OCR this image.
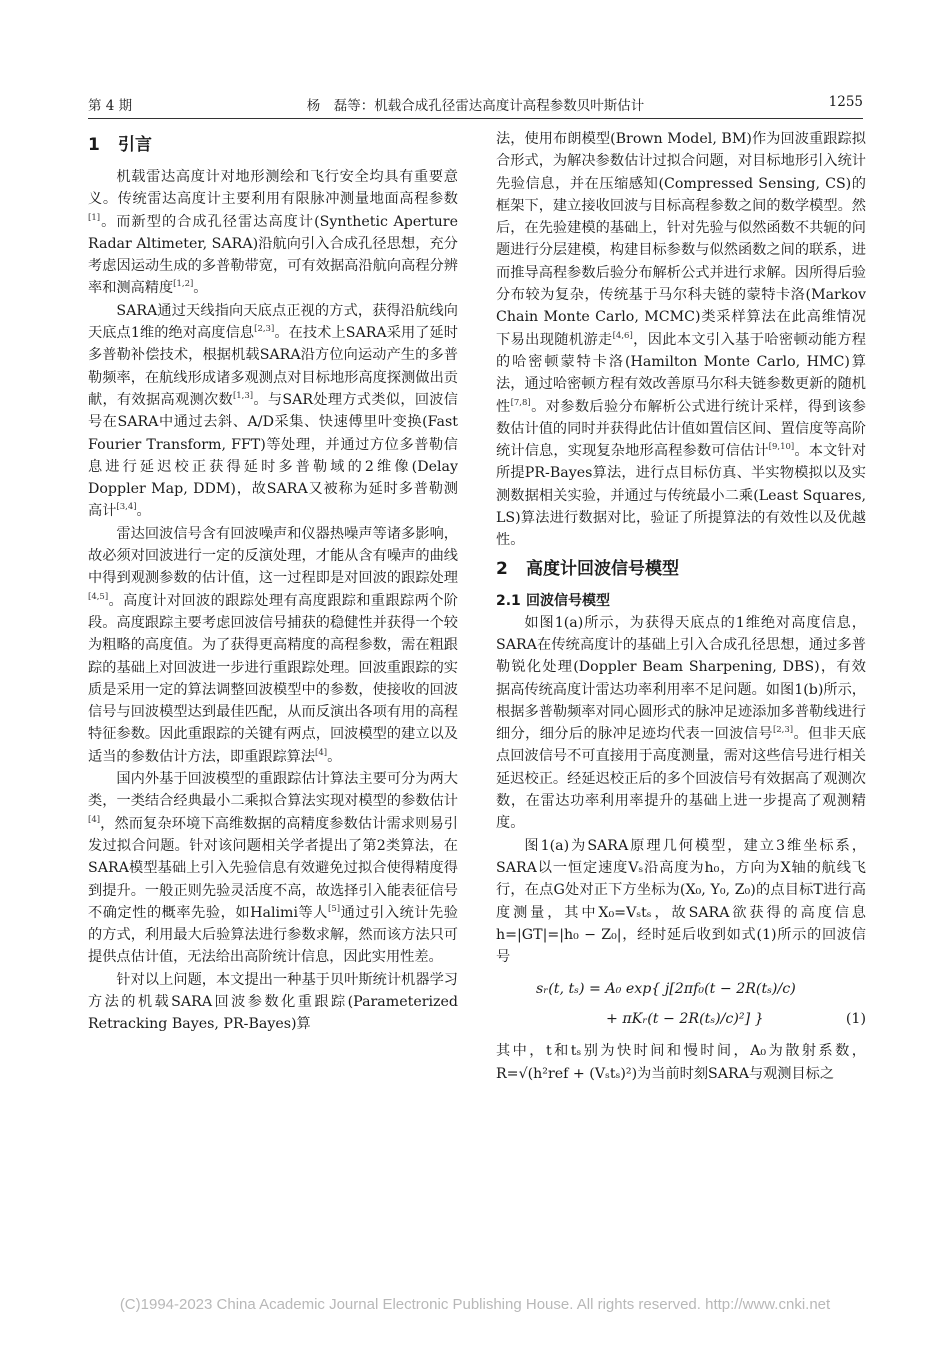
第 4 期	杨　磊等：机载合成孔径雷达高度计高程参数贝叶斯估计	1255
1 引言

机载雷达高度计对地形测绘和飞行安全均具有重要意义。传统雷达高度计主要利用有限脉冲测量地面高程参数[1]。而新型的合成孔径雷达高度计(Synthetic Aperture Radar Altimeter, SARA)沿航向引入合成孔径思想，充分考虑因运动生成的多普勒带宽，可有效据高沿航向高程分辨率和测高精度[1,2]。

SARA通过天线指向天底点正视的方式，获得沿航线向天底点1维的绝对高度信息[2,3]。在技术上SARA采用了延时多普勒补偿技术，根据机载SARA沿方位向运动产生的多普勒频率，在航线形成诸多观测点对目标地形高度探测做出贡献，有效据高观测次数[1,3]。与SAR处理方式类似，回波信号在SARA中通过去斜、A/D采集、快速傅里叶变换(Fast Fourier Transform, FFT)等处理，并通过方位多普勒信息进行延迟校正获得延时多普勒域的2维像(Delay Doppler Map, DDM)，故SARA又被称为延时多普勒测高计[3,4]。

雷达回波信号含有回波噪声和仪器热噪声等诸多影响，故必须对回波进行一定的反演处理，才能从含有噪声的曲线中得到观测参数的估计值，这一过程即是对回波的跟踪处理[4,5]。高度计对回波的跟踪处理有高度跟踪和重跟踪两个阶段。高度跟踪主要考虑回波信号捕获的稳健性并获得一个较为粗略的高度值。为了获得更高精度的高程参数，需在粗跟踪的基础上对回波进一步进行重跟踪处理。回波重跟踪的实质是采用一定的算法调整回波模型中的参数，使接收的回波信号与回波模型达到最佳匹配，从而反演出各项有用的高程特征参数。因此重跟踪的关键有两点，回波模型的建立以及适当的参数估计方法，即重跟踪算法[4]。

国内外基于回波模型的重跟踪估计算法主要可分为两大类，一类结合经典最小二乘拟合算法实现对模型的参数估计[4]，然而复杂环境下高维数据的高精度参数估计需求则易引发过拟合问题。针对该问题相关学者提出了第2类算法，在SARA模型基础上引入先验信息有效避免过拟合使得精度得到提升。一般正则先验灵活度不高，故选择引入能表征信号不确定性的概率先验，如Halimi等人[5]通过引入统计先验的方式，利用最大后验算法进行参数求解，然而该方法只可提供点估计值，无法给出高阶统计信息，因此实用性差。

针对以上问题，本文提出一种基于贝叶斯统计机器学习方法的机载SARA回波参数化重跟踪(Parameterized Retracking Bayes, PR-Bayes)算

法，使用布朗模型(Brown Model, BM)作为回波重跟踪拟合形式，为解决参数估计过拟合问题，对目标地形引入统计先验信息，并在压缩感知(Compressed Sensing, CS)的框架下，建立接收回波与目标高程参数之间的数学模型。然后，在先验建模的基础上，针对先验与似然函数不共轭的问题进行分层建模，构建目标参数与似然函数之间的联系，进而推导高程参数后验分布解析公式并进行求解。因所得后验分布较为复杂，传统基于马尔科夫链的蒙特卡洛(Markov Chain Monte Carlo, MCMC)类采样算法在此高维情况下易出现随机游走[4,6]，因此本文引入基于哈密顿动能方程的哈密顿蒙特卡洛(Hamilton Monte Carlo, HMC)算法，通过哈密顿方程有效改善原马尔科夫链参数更新的随机性[7,8]。对参数后验分布解析公式进行统计采样，得到该参数估计值的同时并获得此估计值如置信区间、置信度等高阶统计信息，实现复杂地形高程参数可信估计[9,10]。本文针对所提PR-Bayes算法，进行点目标仿真、半实物模拟以及实测数据相关实验，并通过与传统最小二乘(Least Squares, LS)算法进行数据对比，验证了所提算法的有效性以及优越性。

2 高度计回波信号模型
2.1 回波信号模型

如图1(a)所示，为获得天底点的1维绝对高度信息，SARA在传统高度计的基础上引入合成孔径思想，通过多普勒锐化处理(Doppler Beam Sharpening, DBS)，有效据高传统高度计雷达功率利用率不足问题。如图1(b)所示，根据多普勒频率对同心圆形式的脉冲足迹添加多普勒线进行细分，细分后的脉冲足迹均代表一回波信号[2,3]。但非天底点回波信号不可直接用于高度测量，需对这些信号进行相关延迟校正。经延迟校正后的多个回波信号有效据高了观测次数，在雷达功率利用率提升的基础上进一步提高了观测精度。

图1(a)为SARA原理几何模型，建立3维坐标系，SARA以一恒定速度Vₛ沿高度为h₀，方向为X轴的航线飞行，在点G处对正下方坐标为(X₀, Y₀, Z₀)的点目标T进行高度测量，其中X₀=Vₛtₛ，故SARA欲获得的高度信息h=|GT|=|h₀ − Z₀|，经时延后收到如式(1)所示的回波信号

sᵣ(t, tₛ) = A₀ exp{ j[2πf₀(t − 2R(tₛ)/c)
+ πKᵣ(t − 2R(tₛ)/c)²] }	(1)

其中，t和tₛ别为快时间和慢时间，A₀为散射系数，R=√(h²ref + (Vₛtₛ)²)为当前时刻SARA与观测目标之

(C)1994-2023 China Academic Journal Electronic Publishing House. All rights reserved. http://www.cnki.net
